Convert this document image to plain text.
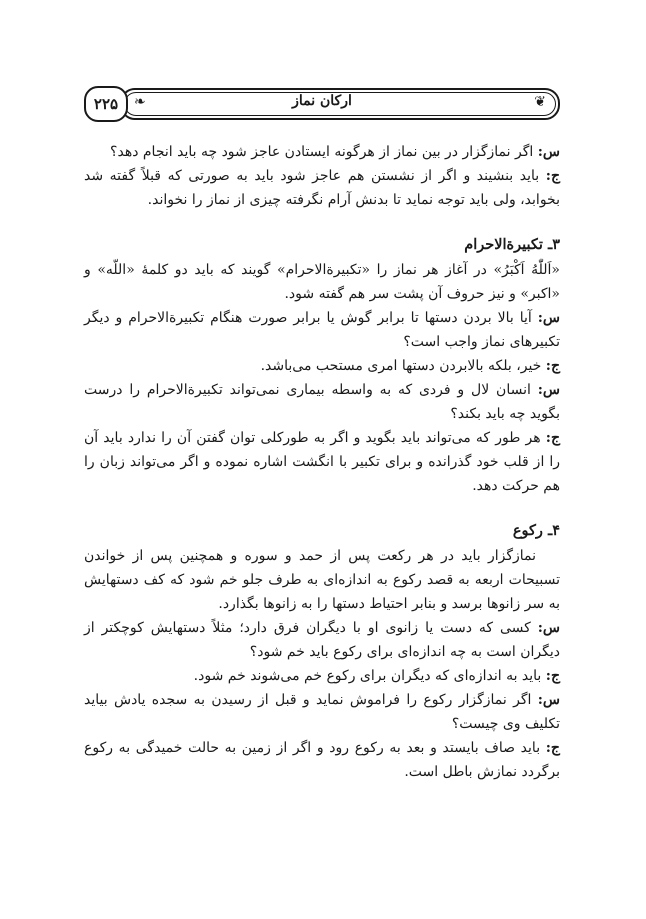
۲۲۵	❧	ارکان نماز	❦

س: اگر نمازگزار در بین نماز از هرگونه ایستادن عاجز شود چه باید انجام دهد؟

ج: باید بنشیند و اگر از نشستن هم عاجز شود باید به صورتی که قبلاً گفته شد بخوابد، ولی باید توجه نماید تا بدنش آرام نگرفته چیزی از نماز را نخواند.

۳ـ تکبیرة‌الاحرام

«اَللّٰهُ اَکْبَرُ» در آغاز هر نماز را «تکبیرة‌الاحرام» گویند که باید دو کلمهٔ «اللّه» و «اکبر» و نیز حروف آن پشت سر هم گفته شود.

س: آیا بالا بردن دستها تا برابر گوش یا برابر صورت هنگام تکبیرة‌الاحرام و دیگر تکبیرهای نماز واجب است؟

ج: خیر، بلکه بالابردن دستها امری مستحب می‌باشد.

س: انسان لال و فردی که به واسطه بیماری نمی‌تواند تکبیرة‌الاحرام را درست بگوید چه باید بکند؟

ج: هر طور که می‌تواند باید بگوید و اگر به طورکلی توان گفتن آن را ندارد باید آن را از قلب خود گذرانده و برای تکبیر با انگشت اشاره نموده و اگر می‌تواند زبان را هم حرکت دهد.

۴ـ رکوع

نمازگزار باید در هر رکعت پس از حمد و سوره و همچنین پس از خواندن تسبیحات اربعه به قصد رکوع به اندازه‌ای به طرف جلو خم شود که کف دستهایش به سر زانوها برسد و بنابر احتیاط دستها را به زانوها بگذارد.

س: کسی که دست یا زانوی او با دیگران فرق دارد؛ مثلاً دستهایش کوچکتر از دیگران است به چه اندازه‌ای برای رکوع باید خم شود؟

ج: باید به اندازه‌ای که دیگران برای رکوع خم می‌شوند خم شود.

س: اگر نمازگزار رکوع را فراموش نماید و قبل از رسیدن به سجده یادش بیاید تکلیف وی چیست؟

ج: باید صاف بایستد و بعد به رکوع رود و اگر از زمین به حالت خمیدگی به رکوع برگردد نمازش باطل است.
